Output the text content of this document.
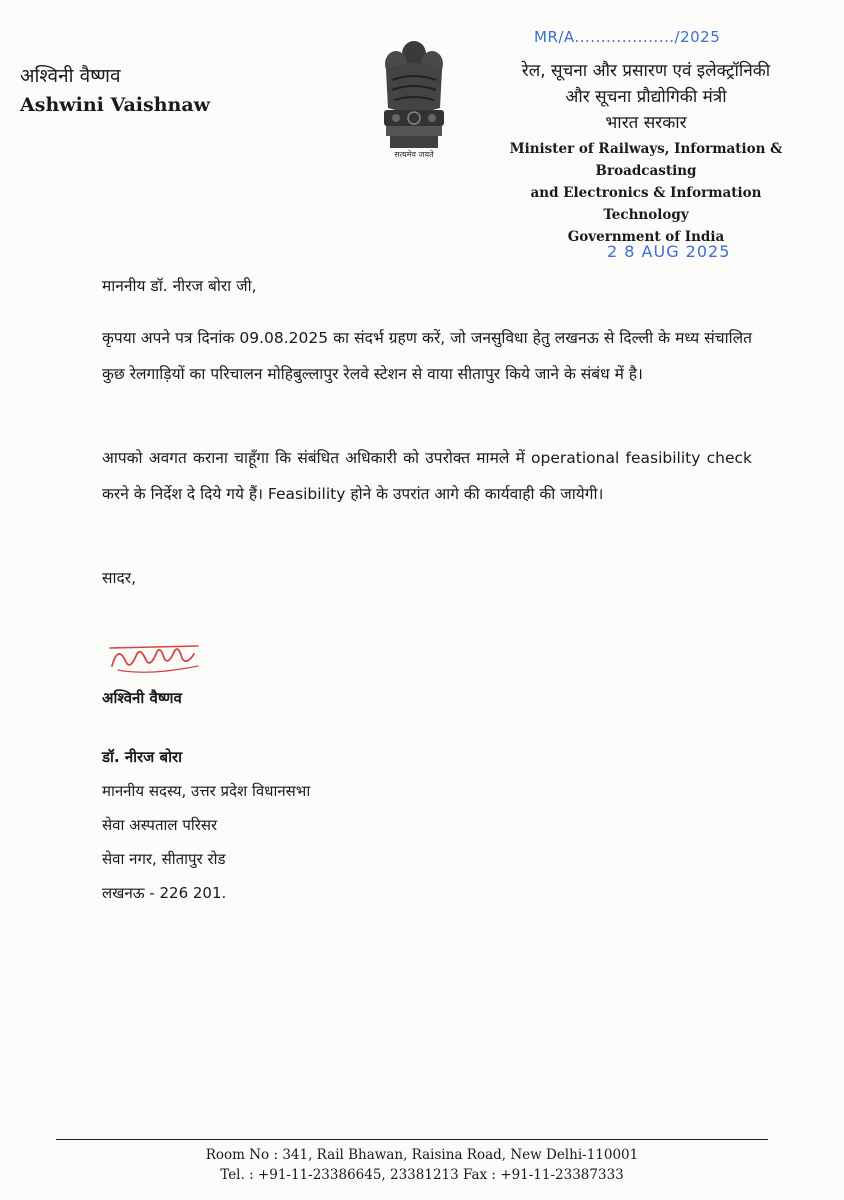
अश्विनी वैष्णव
Ashwini Vaishnaw
सत्यमेव जयते
MR/A.................../2025
2 8 AUG 2025
रेल, सूचना और प्रसारण एवं इलेक्ट्रॉनिकी
और सूचना प्रौद्योगिकी मंत्री
भारत सरकार
Minister of Railways, Information & Broadcasting
and Electronics & Information Technology
Government of India
माननीय डॉ. नीरज बोरा जी,
कृपया अपने पत्र दिनांक 09.08.2025 का संदर्भ ग्रहण करें, जो जनसुविधा हेतु लखनऊ से दिल्ली के मध्य संचालित कुछ रेलगाड़ियों का परिचालन मोहिबुल्लापुर रेलवे स्टेशन से वाया सीतापुर किये जाने के संबंध में है।
आपको अवगत कराना चाहूँगा कि संबंधित अधिकारी को उपरोक्त मामले में operational feasibility check करने के निर्देश दे दिये गये हैं। Feasibility होने के उपरांत आगे की कार्यवाही की जायेगी।
सादर,
अश्विनी वैष्णव
डॉ. नीरज बोरा
माननीय सदस्य, उत्तर प्रदेश विधानसभा
सेवा अस्पताल परिसर
सेवा नगर, सीतापुर रोड
लखनऊ - 226 201.
Room No : 341, Rail Bhawan, Raisina Road, New Delhi-110001
Tel. : +91-11-23386645, 23381213 Fax : +91-11-23387333
